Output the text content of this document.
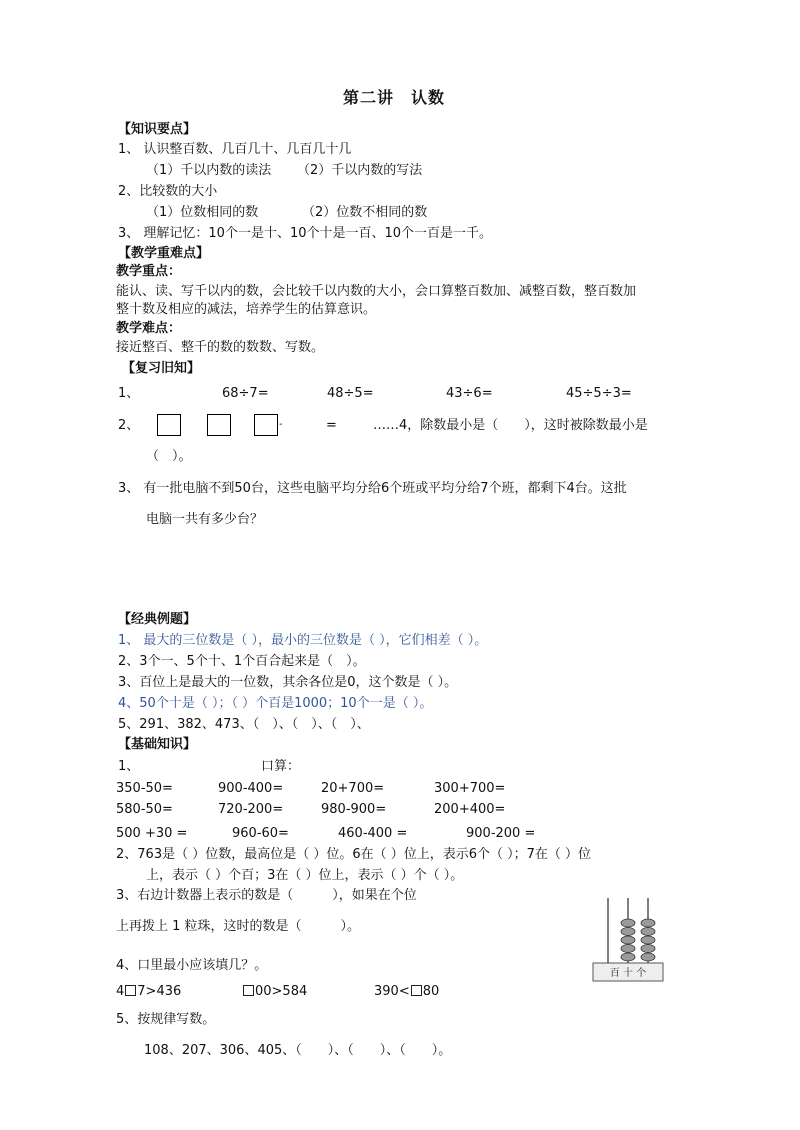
第二讲　认数
【知识要点】
1、 认识整百数、几百几十、几百几十几
（1）千以内数的读法 （2）千以内数的写法
2、比较数的大小
（1）位数相同的数	（2）位数不相同的数
3、 理解记忆：10个一是十、10个十是一百、10个一百是一千。
【教学重难点】
教学重点：
能认、读、写千以内的数，会比较千以内数的大小，会口算整百数加、减整百数，整百数加
整十数及相应的减法，培养学生的估算意识。
教学难点：
接近整百、整千的数的数数、写数。
【复习旧知】
1、	68÷7=	48÷5=	43÷6=	45÷5÷3=
2、	-	=	……4，除数最小是（　　），这时被除数最小是
（　）。
3、 有一批电脑不到50台，这些电脑平均分给6个班或平均分给7个班，都剩下4台。这批
电脑一共有多少台？
【经典例题】
1、 最大的三位数是（ ），最小的三位数是（ ），它们相差（ ）。
2、3个一、5个十、1个百合起来是（　）。
3、百位上是最大的一位数，其余各位是0，这个数是（ ）。
4、50个十是（ ）；（ ）个百是1000；10个一是（ ）。
5、291、382、473、（　）、（　）、（　）、
【基础知识】
1、	口算：
350-50=	900-400=	20+700=	300+700=
580-50=	720-200=	980-900=	200+400=
500 +30 =	960-60=	460-400 =	900-200 =
2、763是（ ）位数，最高位是（ ）位。6在（ ）位上，表示6个（ ）；7在（ ）位
上，表示（ ）个百；3在（ ）位上，表示（ ）个（ ）。
3、右边计数器上表示的数是（　　　），如果在个位
上再拨上 1 粒珠，这时的数是（　　　）。
百 十 个
4、口里最小应该填几？。
4 7>436	00>584	390< 80
5、按规律写数。
108、207、306、405、（　　）、（　　）、（　　）。
